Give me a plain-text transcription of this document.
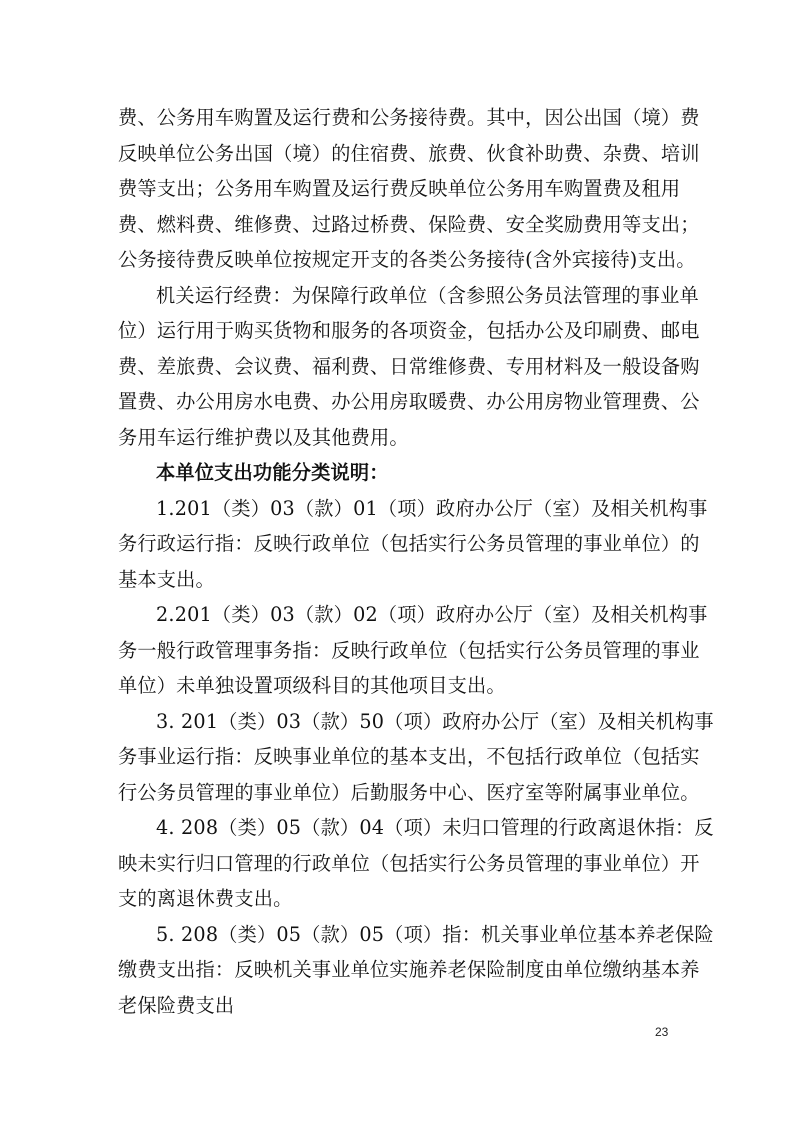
费、公务用车购置及运行费和公务接待费。其中，因公出国（境）费
反映单位公务出国（境）的住宿费、旅费、伙食补助费、杂费、培训
费等支出；公务用车购置及运行费反映单位公务用车购置费及租用
费、燃料费、维修费、过路过桥费、保险费、安全奖励费用等支出；
公务接待费反映单位按规定开支的各类公务接待(含外宾接待)支出。
机关运行经费：为保障行政单位（含参照公务员法管理的事业单
位）运行用于购买货物和服务的各项资金，包括办公及印刷费、邮电
费、差旅费、会议费、福利费、日常维修费、专用材料及一般设备购
置费、办公用房水电费、办公用房取暖费、办公用房物业管理费、公
务用车运行维护费以及其他费用。
本单位支出功能分类说明：
1.201（类）03（款）01（项）政府办公厅（室）及相关机构事
务行政运行指：反映行政单位（包括实行公务员管理的事业单位）的
基本支出。
2.201（类）03（款）02（项）政府办公厅（室）及相关机构事
务一般行政管理事务指：反映行政单位（包括实行公务员管理的事业
单位）未单独设置项级科目的其他项目支出。
3. 201（类）03（款）50（项）政府办公厅（室）及相关机构事
务事业运行指：反映事业单位的基本支出，不包括行政单位（包括实
行公务员管理的事业单位）后勤服务中心、医疗室等附属事业单位。
4. 208（类）05（款）04（项）未归口管理的行政离退休指：反
映未实行归口管理的行政单位（包括实行公务员管理的事业单位）开
支的离退休费支出。
5. 208（类）05（款）05（项）指：机关事业单位基本养老保险
缴费支出指：反映机关事业单位实施养老保险制度由单位缴纳基本养
老保险费支出
23
